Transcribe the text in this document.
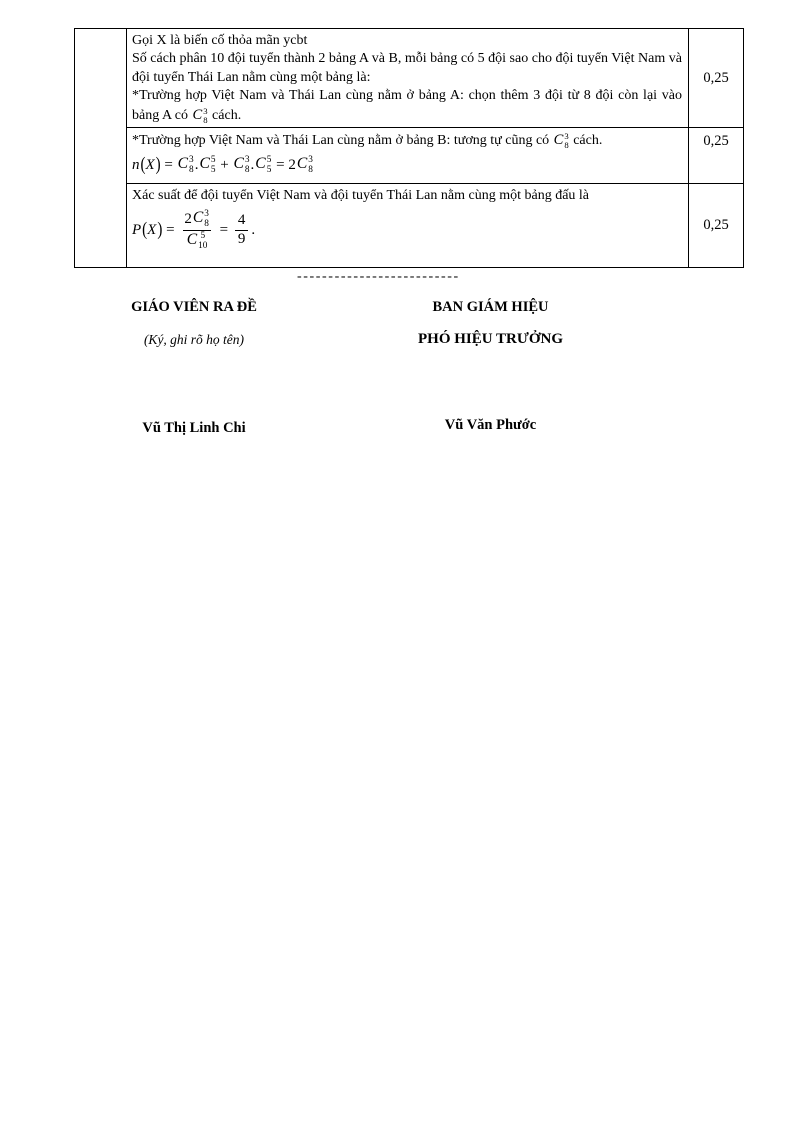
Gọi X là biến cố thỏa mãn ycbt

Số cách phân 10 đội tuyển thành 2 bảng A và B, mỗi bảng có 5 đội sao cho đội tuyển Việt Nam và đội tuyển Thái Lan nằm cùng một bảng là:

*Trường hợp Việt Nam và Thái Lan cùng nằm ở bảng A: chọn thêm 3 đội từ 8 đội còn lại vào bảng A có C 3
8 cách.

0,25

*Trường hợp Việt Nam và Thái Lan cùng nằm ở bảng B: tương tự cũng có C 3
8 cách.

n ( X ) = C 3
8 . C 5
5 + C 3
8 . C 5
5 = 2 C 3
8

0,25

Xác suất để đội tuyển Việt Nam và đội tuyển Thái Lan nằm cùng một bảng đấu là

P ( X ) = 2 C 3
8
C 5
$10 = \frac{4}{9}$ .	0,25
--------------------------
GIÁO VIÊN RA ĐỀ
(Ký, ghi rõ họ tên)
Vũ Thị Linh Chi
BAN GIÁM HIỆU
PHÓ HIỆU TRƯỞNG
Vũ Văn Phước
